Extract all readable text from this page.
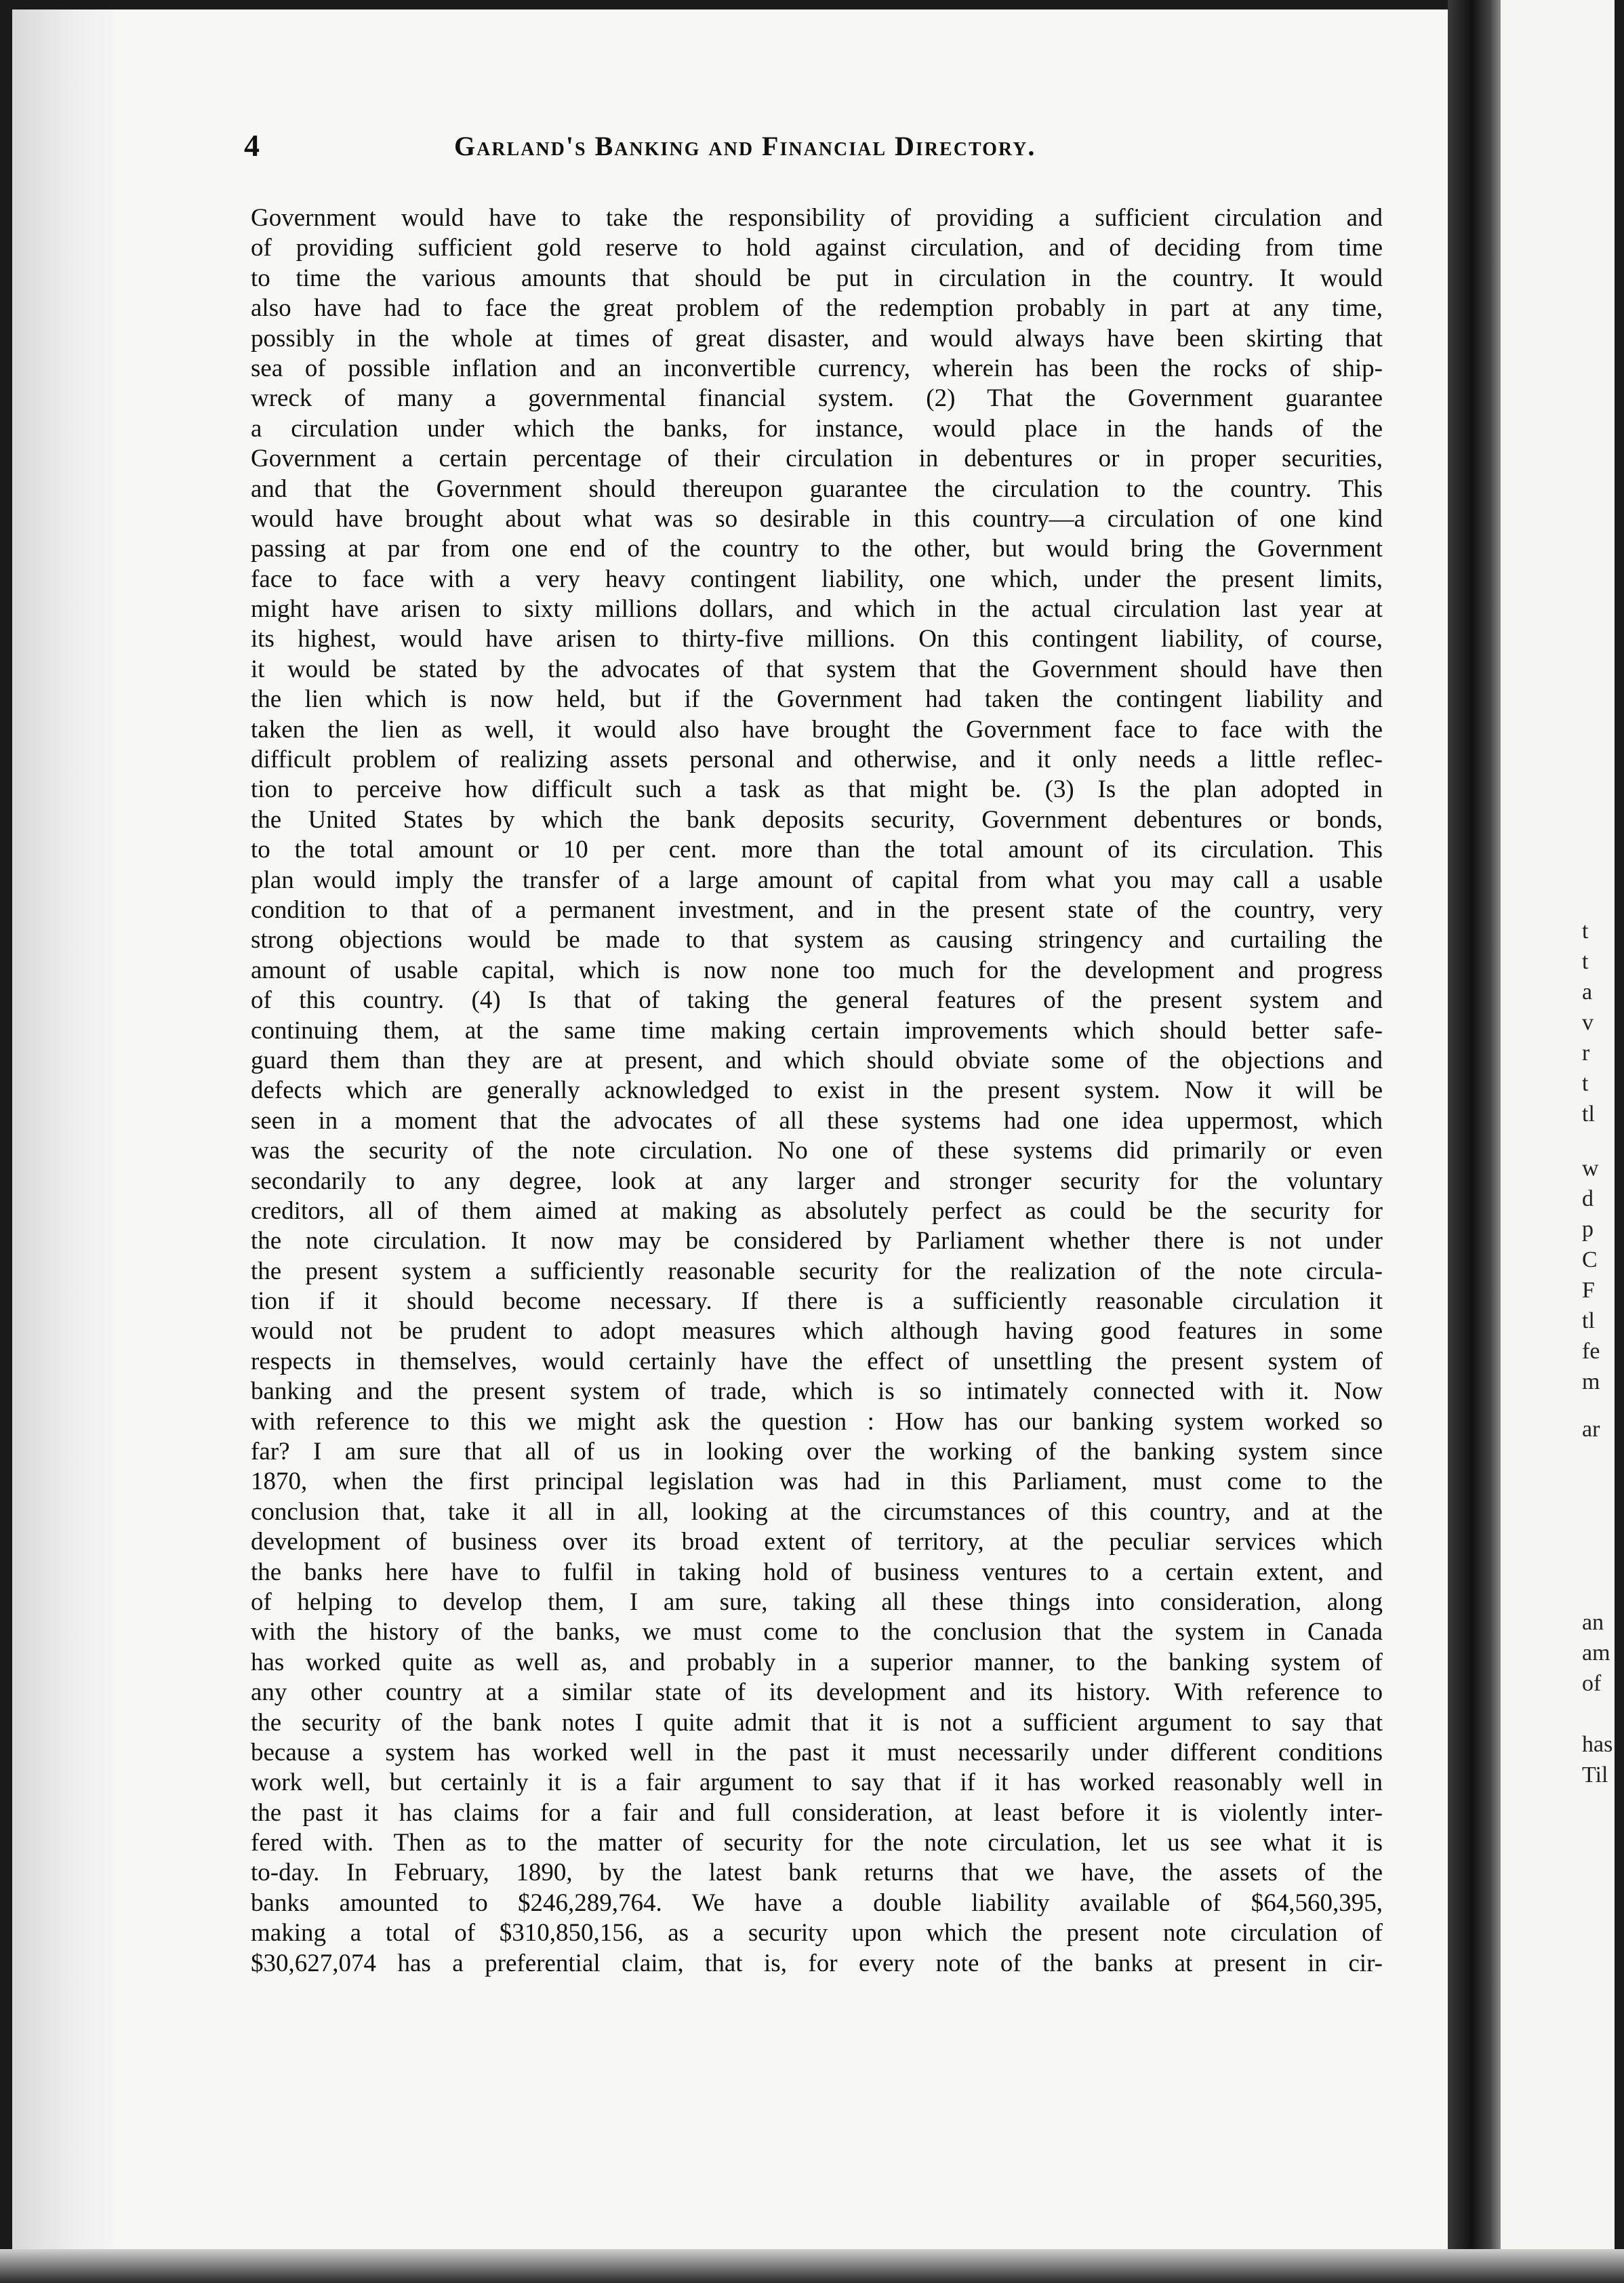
4	Garland's Banking and Financial Directory.
Government would have to take the responsibility of providing a sufficient circulation and
of providing sufficient gold reserve to hold against circulation, and of deciding from time
to time the various amounts that should be put in circulation in the country. It would
also have had to face the great problem of the redemption probably in part at any time,
possibly in the whole at times of great disaster, and would always have been skirting that
sea of possible inflation and an inconvertible currency, wherein has been the rocks of ship-
wreck of many a governmental financial system. (2) That the Government guarantee
a circulation under which the banks, for instance, would place in the hands of the
Government a certain percentage of their circulation in debentures or in proper securities,
and that the Government should thereupon guarantee the circulation to the country. This
would have brought about what was so desirable in this country—a circulation of one kind
passing at par from one end of the country to the other, but would bring the Government
face to face with a very heavy contingent liability, one which, under the present limits,
might have arisen to sixty millions dollars, and which in the actual circulation last year at
its highest, would have arisen to thirty-five millions. On this contingent liability, of course,
it would be stated by the advocates of that system that the Government should have then
the lien which is now held, but if the Government had taken the contingent liability and
taken the lien as well, it would also have brought the Government face to face with the
difficult problem of realizing assets personal and otherwise, and it only needs a little reflec-
tion to perceive how difficult such a task as that might be. (3) Is the plan adopted in
the United States by which the bank deposits security, Government debentures or bonds,
to the total amount or 10 per cent. more than the total amount of its circulation. This
plan would imply the transfer of a large amount of capital from what you may call a usable
condition to that of a permanent investment, and in the present state of the country, very
strong objections would be made to that system as causing stringency and curtailing the
amount of usable capital, which is now none too much for the development and progress
of this country. (4) Is that of taking the general features of the present system and
continuing them, at the same time making certain improvements which should better safe-
guard them than they are at present, and which should obviate some of the objections and
defects which are generally acknowledged to exist in the present system. Now it will be
seen in a moment that the advocates of all these systems had one idea uppermost, which
was the security of the note circulation. No one of these systems did primarily or even
secondarily to any degree, look at any larger and stronger security for the voluntary
creditors, all of them aimed at making as absolutely perfect as could be the security for
the note circulation. It now may be considered by Parliament whether there is not under
the present system a sufficiently reasonable security for the realization of the note circula-
tion if it should become necessary. If there is a sufficiently reasonable circulation it
would not be prudent to adopt measures which although having good features in some
respects in themselves, would certainly have the effect of unsettling the present system of
banking and the present system of trade, which is so intimately connected with it. Now
with reference to this we might ask the question : How has our banking system worked so
far? I am sure that all of us in looking over the working of the banking system since
1870, when the first principal legislation was had in this Parliament, must come to the
conclusion that, take it all in all, looking at the circumstances of this country, and at the
development of business over its broad extent of territory, at the peculiar services which
the banks here have to fulfil in taking hold of business ventures to a certain extent, and
of helping to develop them, I am sure, taking all these things into consideration, along
with the history of the banks, we must come to the conclusion that the system in Canada
has worked quite as well as, and probably in a superior manner, to the banking system of
any other country at a similar state of its development and its history. With reference to
the security of the bank notes I quite admit that it is not a sufficient argument to say that
because a system has worked well in the past it must necessarily under different conditions
work well, but certainly it is a fair argument to say that if it has worked reasonably well in
the past it has claims for a fair and full consideration, at least before it is violently inter-
fered with. Then as to the matter of security for the note circulation, let us see what it is
to-day. In February, 1890, by the latest bank returns that we have, the assets of the
banks amounted to $246,289,764. We have a double liability available of $64,560,395,
making a total of $310,850,156, as a security upon which the present note circulation of
$30,627,074 has a preferential claim, that is, for every note of the banks at present in cir-
t
t
a
v
r
t
tl
w
d
p
C
F
tl
fe
m
ar
an
am
of
has
Til
